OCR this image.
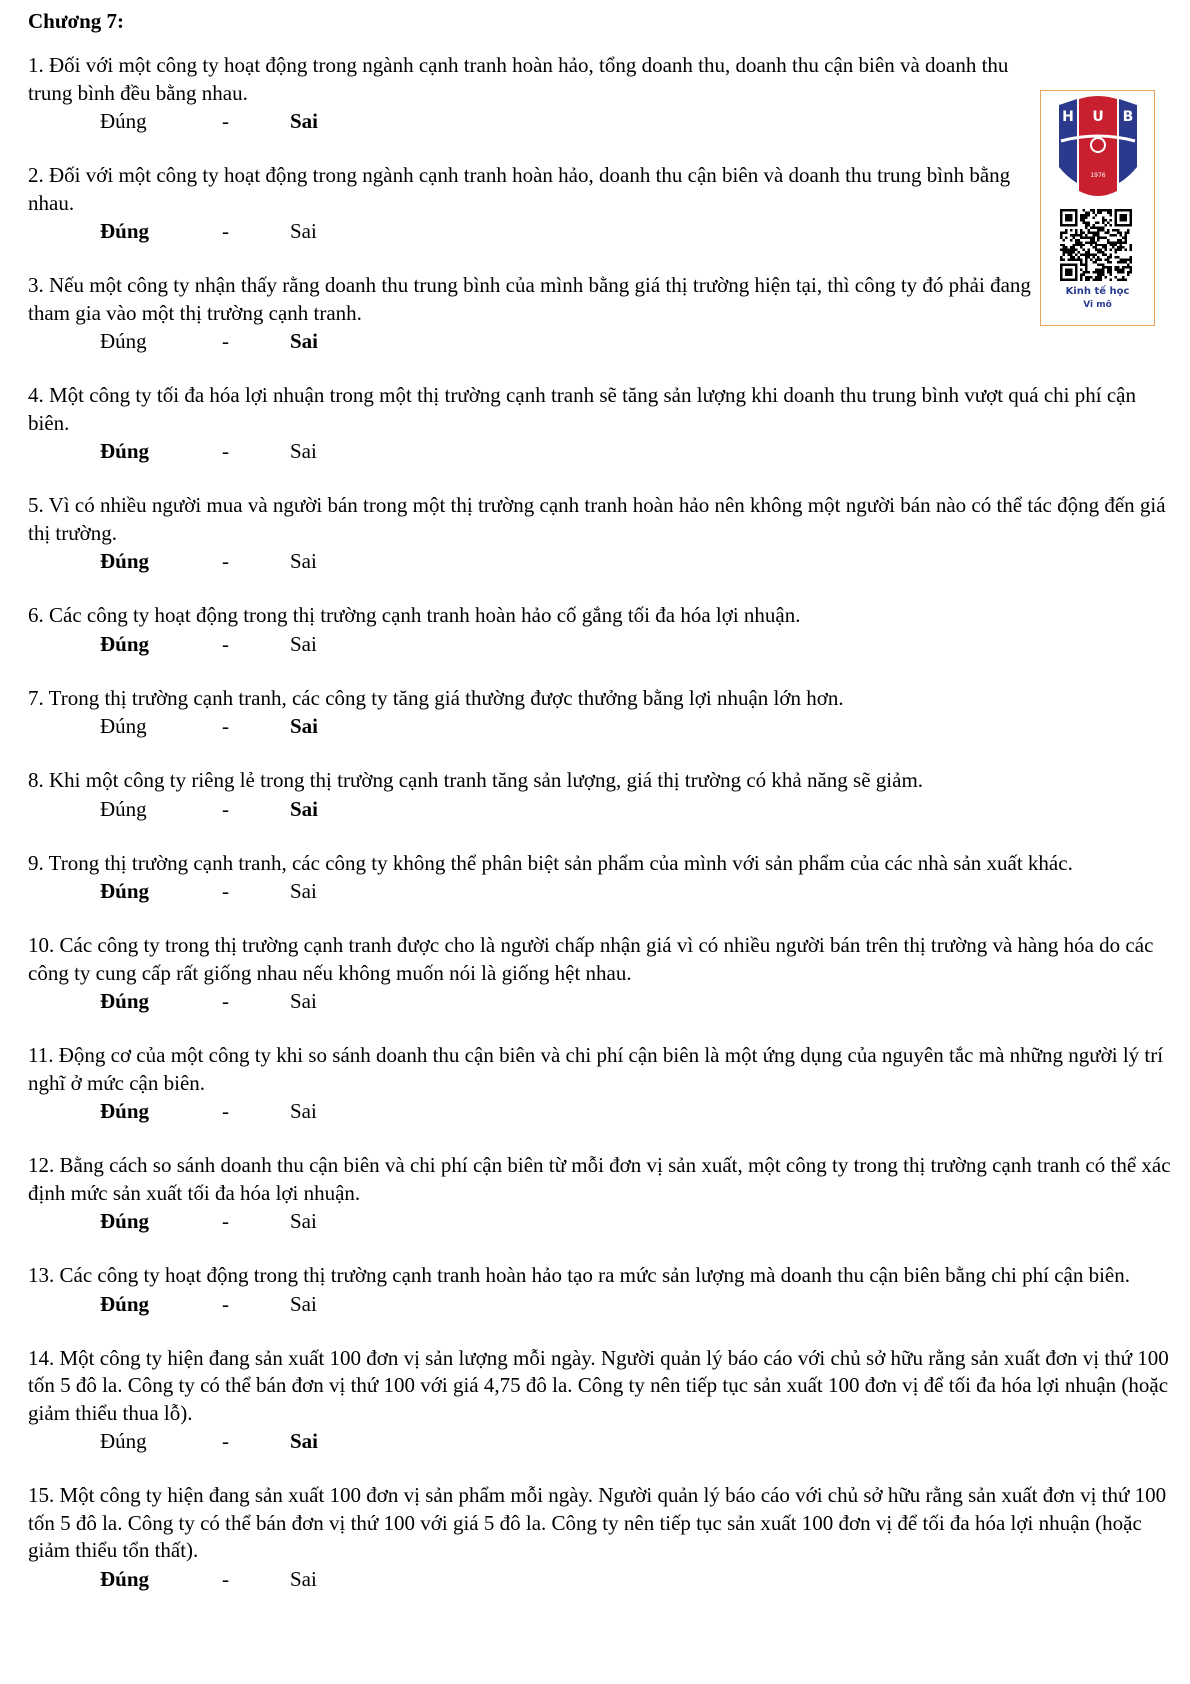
Chương 7:

1. Đối với một công ty hoạt động trong ngành cạnh tranh hoàn hảo, tổng doanh thu, doanh thu cận biên và doanh thu trung bình đều bằng nhau.

Đúng	-	Sai

2. Đối với một công ty hoạt động trong ngành cạnh tranh hoàn hảo, doanh thu cận biên và doanh thu trung bình bằng nhau.

Đúng	-	Sai

3. Nếu một công ty nhận thấy rằng doanh thu trung bình của mình bằng giá thị trường hiện tại, thì công ty đó phải đang tham gia vào một thị trường cạnh tranh.

Đúng	-	Sai

4. Một công ty tối đa hóa lợi nhuận trong một thị trường cạnh tranh sẽ tăng sản lượng khi doanh thu trung bình vượt quá chi phí cận biên.

Đúng	-	Sai

5. Vì có nhiều người mua và người bán trong một thị trường cạnh tranh hoàn hảo nên không một người bán nào có thể tác động đến giá thị trường.

Đúng	-	Sai

6. Các công ty hoạt động trong thị trường cạnh tranh hoàn hảo cố gắng tối đa hóa lợi nhuận.

Đúng	-	Sai

7. Trong thị trường cạnh tranh, các công ty tăng giá thường được thưởng bằng lợi nhuận lớn hơn.

Đúng	-	Sai

8. Khi một công ty riêng lẻ trong thị trường cạnh tranh tăng sản lượng, giá thị trường có khả năng sẽ giảm.

Đúng	-	Sai

9. Trong thị trường cạnh tranh, các công ty không thể phân biệt sản phẩm của mình với sản phẩm của các nhà sản xuất khác.

Đúng	-	Sai

10. Các công ty trong thị trường cạnh tranh được cho là người chấp nhận giá vì có nhiều người bán trên thị trường và hàng hóa do các công ty cung cấp rất giống nhau nếu không muốn nói là giống hệt nhau.

Đúng	-	Sai

11. Động cơ của một công ty khi so sánh doanh thu cận biên và chi phí cận biên là một ứng dụng của nguyên tắc mà những người lý trí nghĩ ở mức cận biên.

Đúng	-	Sai

12. Bằng cách so sánh doanh thu cận biên và chi phí cận biên từ mỗi đơn vị sản xuất, một công ty trong thị trường cạnh tranh có thể xác định mức sản xuất tối đa hóa lợi nhuận.

Đúng	-	Sai

13. Các công ty hoạt động trong thị trường cạnh tranh hoàn hảo tạo ra mức sản lượng mà doanh thu cận biên bằng chi phí cận biên.

Đúng	-	Sai

14. Một công ty hiện đang sản xuất 100 đơn vị sản lượng mỗi ngày. Người quản lý báo cáo với chủ sở hữu rằng sản xuất đơn vị thứ 100 tốn 5 đô la. Công ty có thể bán đơn vị thứ 100 với giá 4,75 đô la. Công ty nên tiếp tục sản xuất 100 đơn vị để tối đa hóa lợi nhuận (hoặc giảm thiểu thua lỗ).

Đúng	-	Sai

15. Một công ty hiện đang sản xuất 100 đơn vị sản phẩm mỗi ngày. Người quản lý báo cáo với chủ sở hữu rằng sản xuất đơn vị thứ 100 tốn 5 đô la. Công ty có thể bán đơn vị thứ 100 với giá 5 đô la. Công ty nên tiếp tục sản xuất 100 đơn vị để tối đa hóa lợi nhuận (hoặc giảm thiểu tổn thất).

Đúng	-	Sai
H U B
1976
Kinh tế học
Vi mô
